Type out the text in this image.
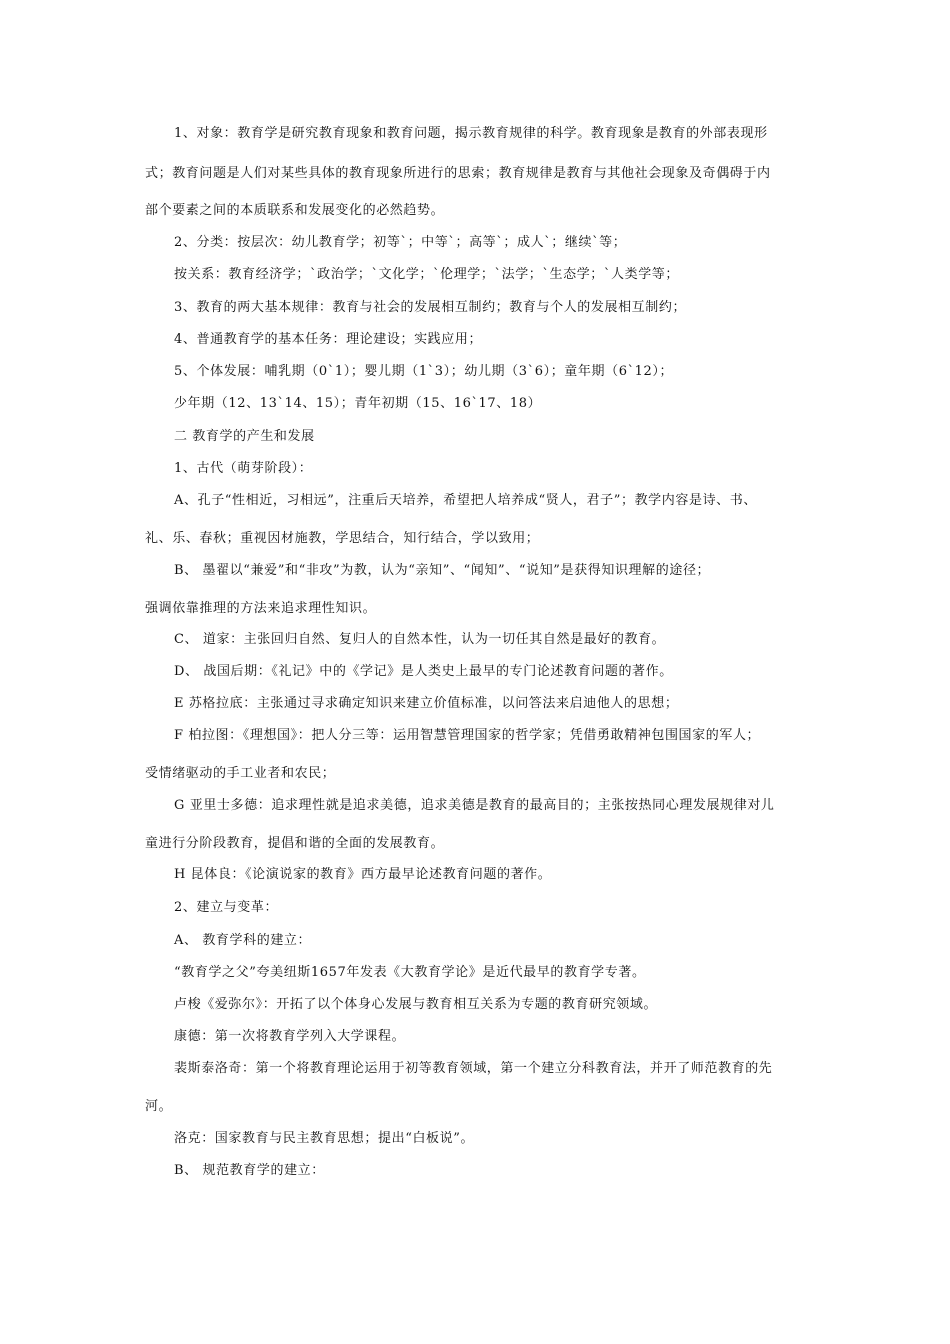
1、对象：教育学是研究教育现象和教育问题，揭示教育规律的科学。教育现象是教育的外部表现形
式；教育问题是人们对某些具体的教育现象所进行的思索；教育规律是教育与其他社会现象及奇偶碍于内
部个要素之间的本质联系和发展变化的必然趋势。
2、分类：按层次：幼儿教育学；初等`；中等`；高等`；成人`；继续`等；
按关系：教育经济学；`政治学；`文化学；`伦理学；`法学；`生态学；`人类学等；
3、教育的两大基本规律：教育与社会的发展相互制约；教育与个人的发展相互制约；
4、普通教育学的基本任务：理论建设；实践应用；
5、个体发展：哺乳期（0`1）；婴儿期（1`3）；幼儿期（3`6）；童年期（6`12）；
少年期（12、13`14、15）；青年初期（15、16`17、18）
二 教育学的产生和发展
1、古代（萌芽阶段）：
A、孔子“性相近，习相远”，注重后天培养，希望把人培养成“贤人，君子”；教学内容是诗、书、
礼、乐、春秋；重视因材施教，学思结合，知行结合，学以致用；
B、 墨翟以“兼爱”和“非攻”为教，认为“亲知”、“闻知”、“说知”是获得知识理解的途径；
强调依靠推理的方法来追求理性知识。
C、 道家：主张回归自然、复归人的自然本性，认为一切任其自然是最好的教育。
D、 战国后期：《礼记》中的《学记》是人类史上最早的专门论述教育问题的著作。
E 苏格拉底：主张通过寻求确定知识来建立价值标准，以问答法来启迪他人的思想；
F 柏拉图：《理想国》：把人分三等：运用智慧管理国家的哲学家；凭借勇敢精神包围国家的军人；
受情绪驱动的手工业者和农民；
G 亚里士多德：追求理性就是追求美德，追求美德是教育的最高目的；主张按热同心理发展规律对儿
童进行分阶段教育，提倡和谐的全面的发展教育。
H 昆体良：《论演说家的教育》西方最早论述教育问题的著作。
2、建立与变革：
A、 教育学科的建立：
“教育学之父”夸美纽斯1657年发表《大教育学论》是近代最早的教育学专著。
卢梭《爱弥尔》：开拓了以个体身心发展与教育相互关系为专题的教育研究领域。
康德：第一次将教育学列入大学课程。
裴斯泰洛奇：第一个将教育理论运用于初等教育领域，第一个建立分科教育法，并开了师范教育的先
河。
洛克：国家教育与民主教育思想；提出“白板说”。
B、 规范教育学的建立：
